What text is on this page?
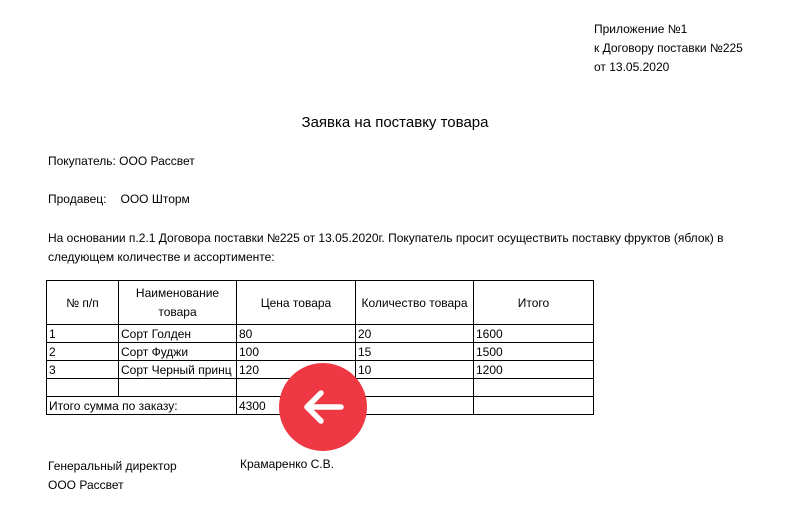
Приложение №1
к Договору поставки №225
от 13.05.2020
Заявка на поставку товара
Покупатель: ООО Рассвет
Продавец: ООО Шторм
На основании п.2.1 Договора поставки №225 от 13.05.2020г. Покупатель просит осуществить поставку фруктов (яблок) в следующем количестве и ассортименте:
№ п/п	Наименование товара	Цена товара	Количество товара	Итого
1	Сорт Голден	80	20	1600
2	Сорт Фуджи	100	15	1500
3	Сорт Черный принц	120	10	1200

Итого сумма по заказу:		4300		
Генеральный директор
ООО Рассвет
Крамаренко С.В.
